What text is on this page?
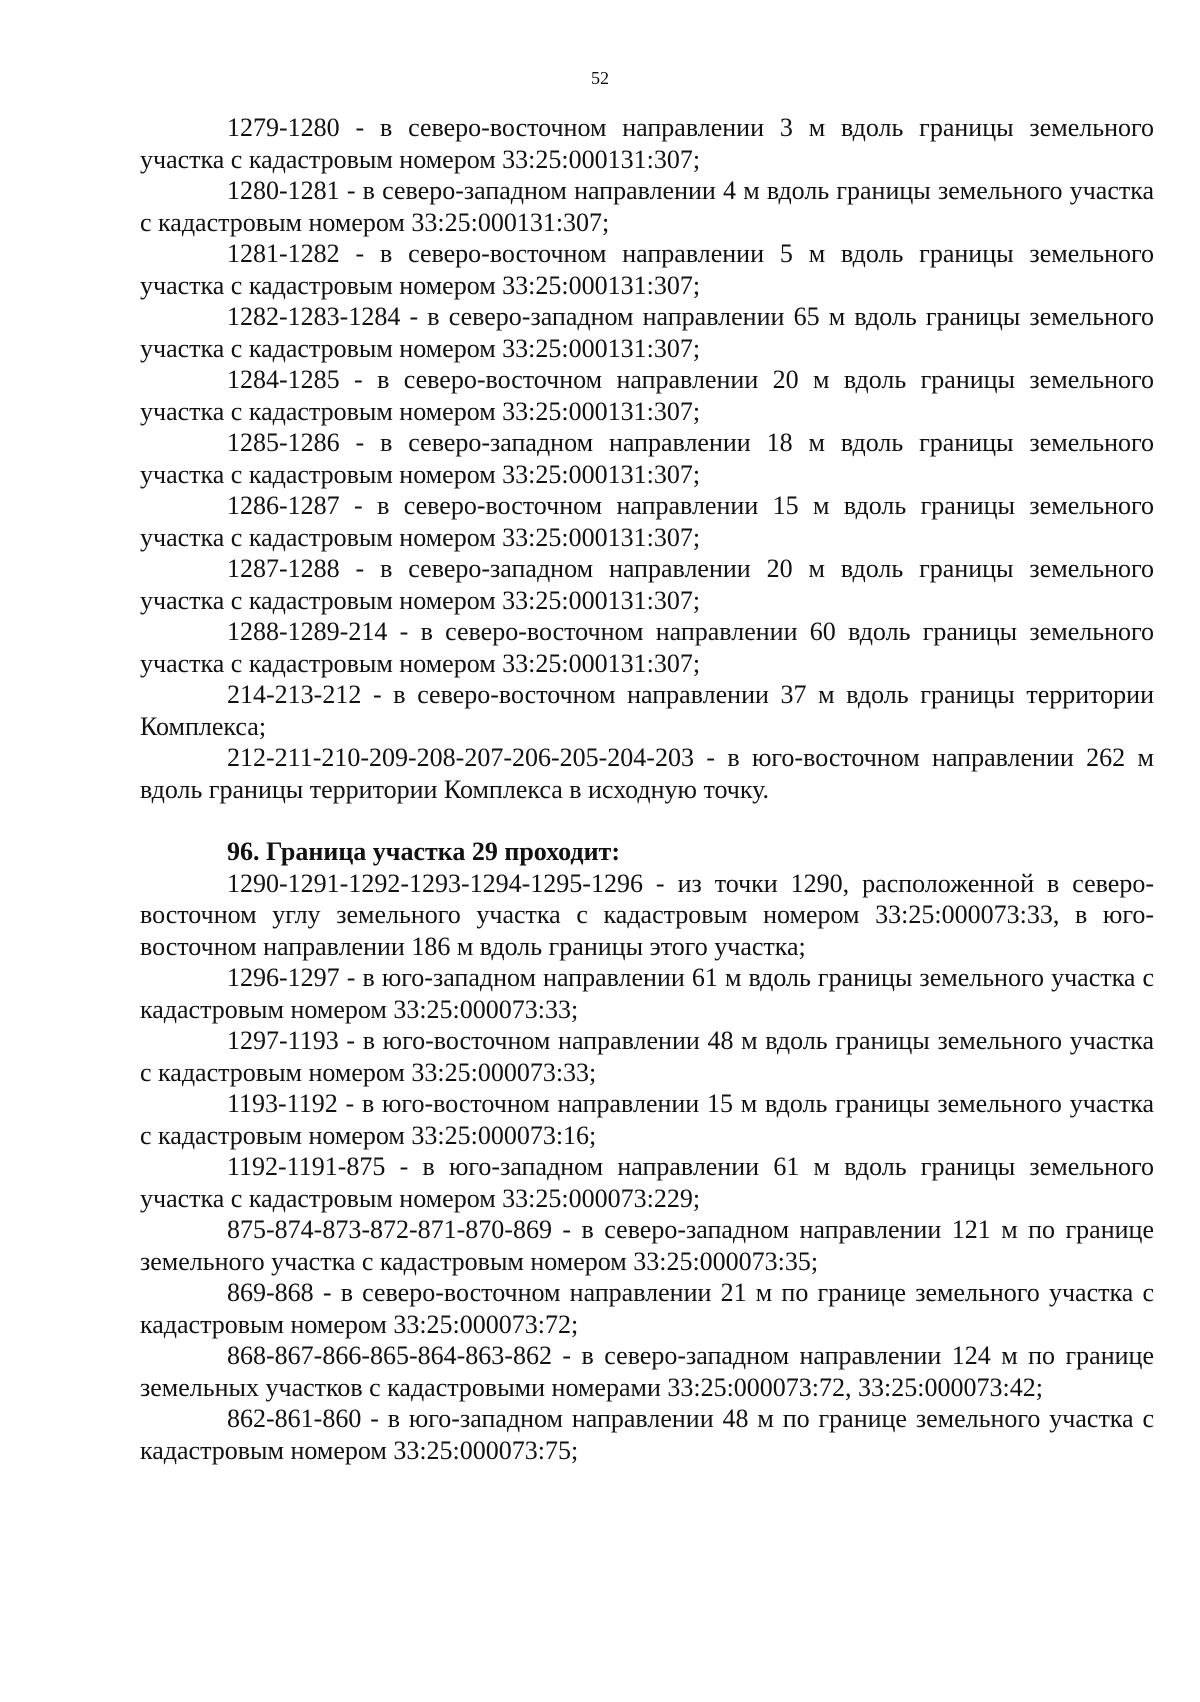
52

1279-1280 - в северо-восточном направлении 3 м вдоль границы земельного участка с кадастровым номером 33:25:000131:307;

1280-1281 - в северо-западном направлении 4 м вдоль границы земельного участка с кадастровым номером 33:25:000131:307;

1281-1282 - в северо-восточном направлении 5 м вдоль границы земельного участка с кадастровым номером 33:25:000131:307;

1282-1283-1284 - в северо-западном направлении 65 м вдоль границы земельного участка с кадастровым номером 33:25:000131:307;

1284-1285 - в северо-восточном направлении 20 м вдоль границы земельного участка с кадастровым номером 33:25:000131:307;

1285-1286 - в северо-западном направлении 18 м вдоль границы земельного участка с кадастровым номером 33:25:000131:307;

1286-1287 - в северо-восточном направлении 15 м вдоль границы земельного участка с кадастровым номером 33:25:000131:307;

1287-1288 - в северо-западном направлении 20 м вдоль границы земельного участка с кадастровым номером 33:25:000131:307;

1288-1289-214 - в северо-восточном направлении 60 вдоль границы земельного участка с кадастровым номером 33:25:000131:307;

214-213-212 - в северо-восточном направлении 37 м вдоль границы территории Комплекса;

212-211-210-209-208-207-206-205-204-203 - в юго-восточном направлении 262 м вдоль границы территории Комплекса в исходную точку.

96. Граница участка 29 проходит:

1290-1291-1292-1293-1294-1295-1296 - из точки 1290, расположенной в северо-восточном углу земельного участка с кадастровым номером 33:25:000073:33, в юго-восточном направлении 186 м вдоль границы этого участка;

1296-1297 - в юго-западном направлении 61 м вдоль границы земельного участка с кадастровым номером 33:25:000073:33;

1297-1193 - в юго-восточном направлении 48 м вдоль границы земельного участка с кадастровым номером 33:25:000073:33;

1193-1192 - в юго-восточном направлении 15 м вдоль границы земельного участка с кадастровым номером 33:25:000073:16;

1192-1191-875 - в юго-западном направлении 61 м вдоль границы земельного участка с кадастровым номером 33:25:000073:229;

875-874-873-872-871-870-869 - в северо-западном направлении 121 м по границе земельного участка с кадастровым номером 33:25:000073:35;

869-868 - в северо-восточном направлении 21 м по границе земельного участка с кадастровым номером 33:25:000073:72;

868-867-866-865-864-863-862 - в северо-западном направлении 124 м по границе земельных участков с кадастровыми номерами 33:25:000073:72, 33:25:000073:42;

862-861-860 - в юго-западном направлении 48 м по границе земельного участка с кадастровым номером 33:25:000073:75;
